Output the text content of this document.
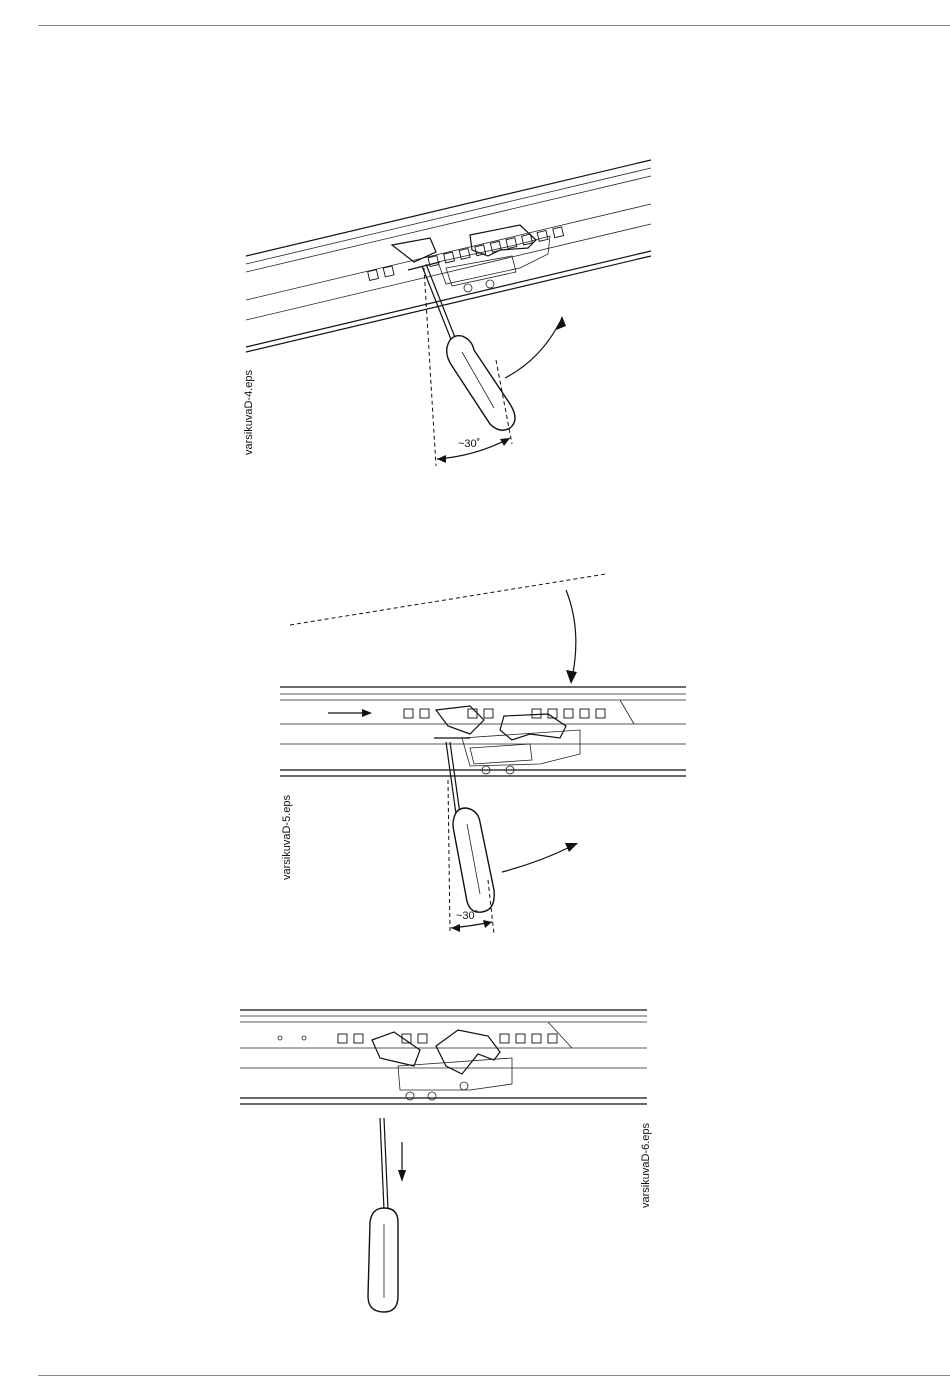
varsikuvaD-4.eps	~30˚
varsikuvaD-5.eps
~30˚
varsikuvaD-6.eps
